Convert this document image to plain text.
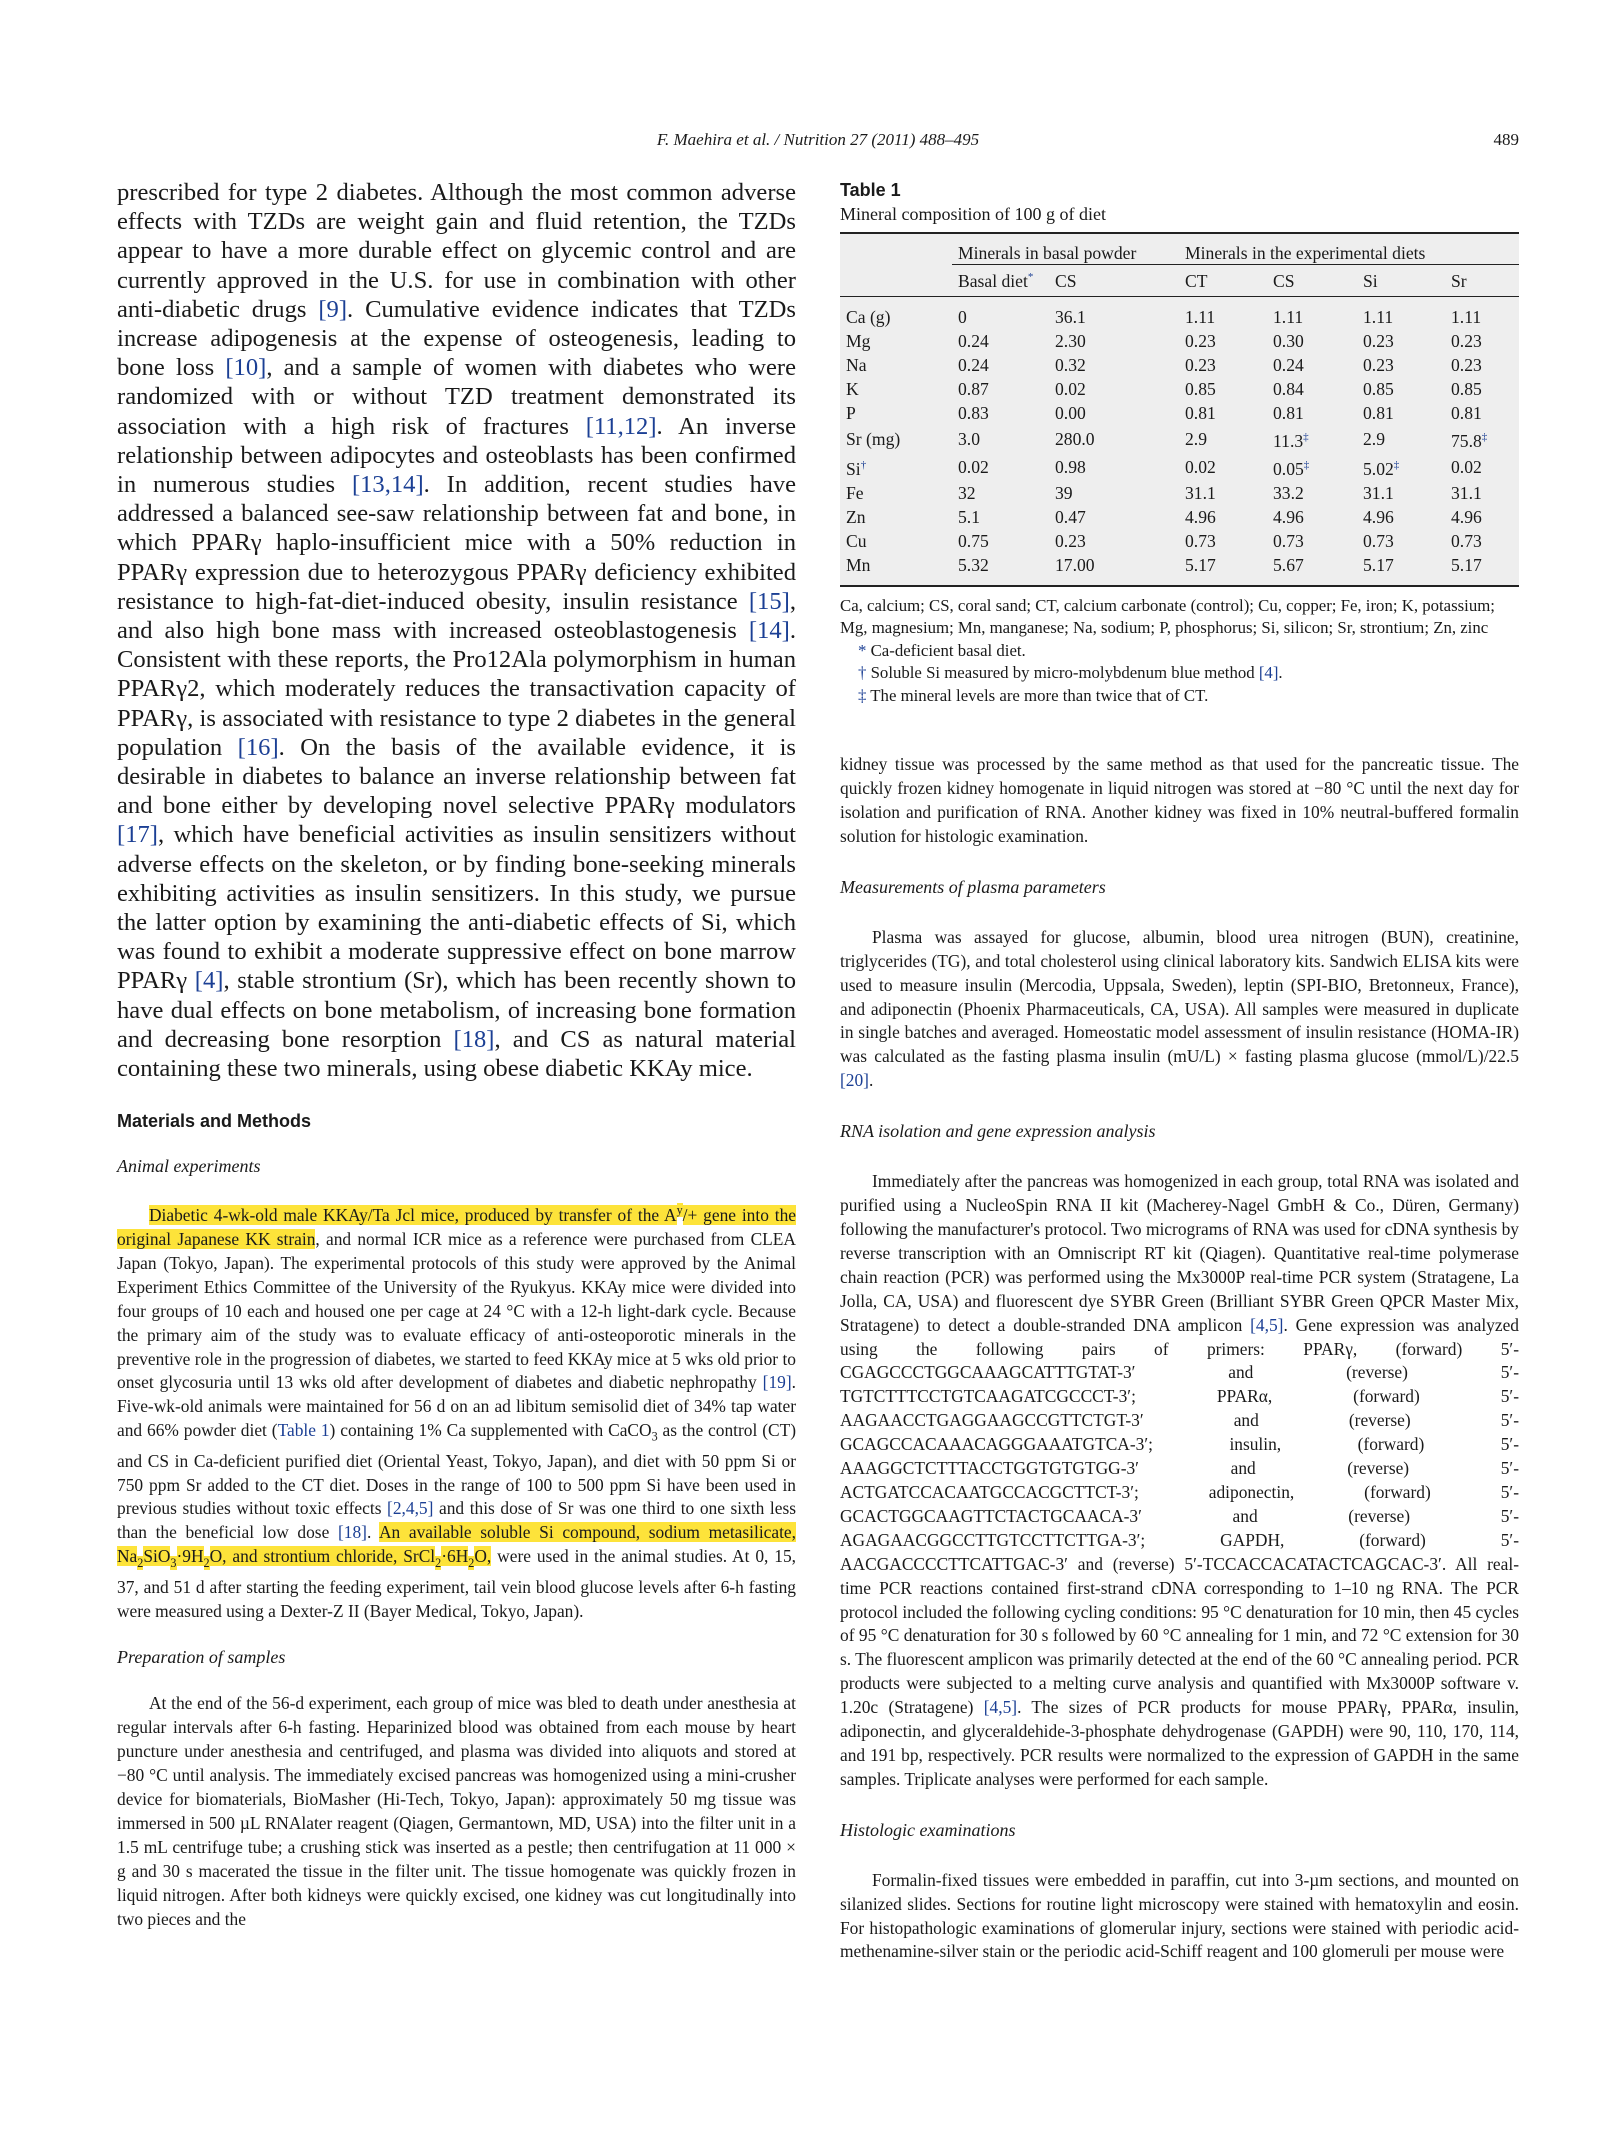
F. Maehira et al. / Nutrition 27 (2011) 488–495	489

prescribed for type 2 diabetes. Although the most common adverse effects with TZDs are weight gain and fluid retention, the TZDs appear to have a more durable effect on glycemic control and are currently approved in the U.S. for use in combination with other anti-diabetic drugs [9]. Cumulative evidence indicates that TZDs increase adipogenesis at the expense of osteogenesis, leading to bone loss [10], and a sample of women with diabetes who were randomized with or without TZD treatment demonstrated its association with a high risk of fractures [11,12]. An inverse relationship between adipocytes and osteoblasts has been confirmed in numerous studies [13,14]. In addition, recent studies have addressed a balanced see-saw relationship between fat and bone, in which PPARγ haplo-insufficient mice with a 50% reduction in PPARγ expression due to heterozygous PPARγ deficiency exhibited resistance to high-fat-diet-induced obesity, insulin resistance [15], and also high bone mass with increased osteoblastogenesis [14]. Consistent with these reports, the Pro12Ala polymorphism in human PPARγ2, which moderately reduces the transactivation capacity of PPARγ, is associated with resistance to type 2 diabetes in the general population [16]. On the basis of the available evidence, it is desirable in diabetes to balance an inverse relationship between fat and bone either by developing novel selective PPARγ modulators [17], which have beneficial activities as insulin sensitizers without adverse effects on the skeleton, or by finding bone-seeking minerals exhibiting activities as insulin sensitizers. In this study, we pursue the latter option by examining the anti-diabetic effects of Si, which was found to exhibit a moderate suppressive effect on bone marrow PPARγ [4], stable strontium (Sr), which has been recently shown to have dual effects on bone metabolism, of increasing bone formation and decreasing bone resorption [18], and CS as natural material containing these two minerals, using obese diabetic KKAy mice.

Materials and Methods
Animal experiments

Diabetic 4-wk-old male KKAy/Ta Jcl mice, produced by transfer of the $A^y/+$ gene into the original Japanese KK strain, and normal ICR mice as a reference were purchased from CLEA Japan (Tokyo, Japan). The experimental protocols of this study were approved by the Animal Experiment Ethics Committee of the University of the Ryukyus. KKAy mice were divided into four groups of 10 each and housed one per cage at 24 °C with a 12-h light-dark cycle. Because the primary aim of the study was to evaluate efficacy of anti-osteoporotic minerals in the preventive role in the progression of diabetes, we started to feed KKAy mice at 5 wks old prior to onset glycosuria until 13 wks old after development of diabetes and diabetic nephropathy [19]. Five-wk-old animals were maintained for 56 d on an ad libitum semisolid diet of 34% tap water and 66% powder diet (Table 1) containing 1% Ca supplemented with CaCO$_3$ as the control (CT) and CS in Ca-deficient purified diet (Oriental Yeast, Tokyo, Japan), and diet with 50 ppm Si or 750 ppm Sr added to the CT diet. Doses in the range of 100 to 500 ppm Si have been used in previous studies without toxic effects [2,4,5] and this dose of Sr was one third to one sixth less than the beneficial low dose [18]. An available soluble Si compound, sodium metasilicate, $Na_2SiO_3\cdot 9H_2O$, and strontium chloride, $SrCl_2\cdot 6H_2O$, were used in the animal studies. At 0, 15, 37, and 51 d after starting the feeding experiment, tail vein blood glucose levels after 6-h fasting were measured using a Dexter-Z II (Bayer Medical, Tokyo, Japan).

Preparation of samples

At the end of the 56-d experiment, each group of mice was bled to death under anesthesia at regular intervals after 6-h fasting. Heparinized blood was obtained from each mouse by heart puncture under anesthesia and centrifuged, and plasma was divided into aliquots and stored at −80 °C until analysis. The immediately excised pancreas was homogenized using a mini-crusher device for biomaterials, BioMasher (Hi-Tech, Tokyo, Japan): approximately 50 mg tissue was immersed in 500 µL RNAlater reagent (Qiagen, Germantown, MD, USA) into the filter unit in a 1.5 mL centrifuge tube; a crushing stick was inserted as a pestle; then centrifugation at 11 000 × g and 30 s macerated the tissue in the filter unit. The tissue homogenate was quickly frozen in liquid nitrogen. After both kidneys were quickly excised, one kidney was cut longitudinally into two pieces and the

Table 1
Mineral composition of 100 g of diet
	Minerals in basal powder		Minerals in the experimental diets			
	Basal diet*	CS	CT	CS	Si	Sr
Ca (g)	0	36.1	1.11	1.11	1.11	1.11
Mg	0.24	2.30	0.23	0.30	0.23	0.23
Na	0.24	0.32	0.23	0.24	0.23	0.23
K	0.87	0.02	0.85	0.84	0.85	0.85
P	0.83	0.00	0.81	0.81	0.81	0.81
Sr (mg)	3.0	280.0	2.9	11.3‡	2.9	75.8‡
Si†	0.02	0.98	0.02	0.05‡	5.02‡	0.02
Fe	32	39	31.1	33.2	31.1	31.1
Zn	5.1	0.47	4.96	4.96	4.96	4.96
Cu	0.75	0.23	0.73	0.73	0.73	0.73
Mn	5.32	17.00	5.17	5.67	5.17	5.17
Ca, calcium; CS, coral sand; CT, calcium carbonate (control); Cu, copper; Fe, iron; K, potassium; Mg, magnesium; Mn, manganese; Na, sodium; P, phosphorus; Si, silicon; Sr, strontium; Zn, zinc
* Ca-deficient basal diet.
† Soluble Si measured by micro-molybdenum blue method [4].
‡ The mineral levels are more than twice that of CT.

kidney tissue was processed by the same method as that used for the pancreatic tissue. The quickly frozen kidney homogenate in liquid nitrogen was stored at −80 °C until the next day for isolation and purification of RNA. Another kidney was fixed in 10% neutral-buffered formalin solution for histologic examination.

Measurements of plasma parameters

Plasma was assayed for glucose, albumin, blood urea nitrogen (BUN), creatinine, triglycerides (TG), and total cholesterol using clinical laboratory kits. Sandwich ELISA kits were used to measure insulin (Mercodia, Uppsala, Sweden), leptin (SPI-BIO, Bretonneux, France), and adiponectin (Phoenix Pharmaceuticals, CA, USA). All samples were measured in duplicate in single batches and averaged. Homeostatic model assessment of insulin resistance (HOMA-IR) was calculated as the fasting plasma insulin (mU/L) × fasting plasma glucose (mmol/L)/22.5 [20].

RNA isolation and gene expression analysis

Immediately after the pancreas was homogenized in each group, total RNA was isolated and purified using a NucleoSpin RNA II kit (Macherey-Nagel GmbH & Co., Düren, Germany) following the manufacturer's protocol. Two micrograms of RNA was used for cDNA synthesis by reverse transcription with an Omniscript RT kit (Qiagen). Quantitative real-time polymerase chain reaction (PCR) was performed using the Mx3000P real-time PCR system (Stratagene, La Jolla, CA, USA) and fluorescent dye SYBR Green (Brilliant SYBR Green QPCR Master Mix, Stratagene) to detect a double-stranded DNA amplicon [4,5]. Gene expression was analyzed using the following pairs of primers: PPARγ, (forward) 5′-CGAGCCCTGGCAAAGCATTTGTAT-3′ and (reverse) 5′-TGTCTTTCCTGTCAAGATCGCCCT-3′; PPARα, (forward) 5′-AAGAACCTGAGGAAGCCGTTCTGT-3′ and (reverse) 5′-GCAGCCACAAACAGGGAAATGTCA-3′; insulin, (forward) 5′-AAAGGCTCTTTACCTGGTGTGTGG-3′ and (reverse) 5′-ACTGATCCACAATGCCACGCTTCT-3′; adiponectin, (forward) 5′-GCACTGGCAAGTTCTACTGCAACA-3′ and (reverse) 5′-AGAGAACGGCCTTGTCCTTCTTGA-3′; GAPDH, (forward) 5′-AACGACCCCTTCATTGAC-3′ and (reverse) 5′-TCCACCACATACTCAGCAC-3′. All real-time PCR reactions contained first-strand cDNA corresponding to 1–10 ng RNA. The PCR protocol included the following cycling conditions: 95 °C denaturation for 10 min, then 45 cycles of 95 °C denaturation for 30 s followed by 60 °C annealing for 1 min, and 72 °C extension for 30 s. The fluorescent amplicon was primarily detected at the end of the 60 °C annealing period. PCR products were subjected to a melting curve analysis and quantified with Mx3000P software v. 1.20c (Stratagene) [4,5]. The sizes of PCR products for mouse PPARγ, PPARα, insulin, adiponectin, and glyceraldehide-3-phosphate dehydrogenase (GAPDH) were 90, 110, 170, 114, and 191 bp, respectively. PCR results were normalized to the expression of GAPDH in the same samples. Triplicate analyses were performed for each sample.

Histologic examinations

Formalin-fixed tissues were embedded in paraffin, cut into 3-µm sections, and mounted on silanized slides. Sections for routine light microscopy were stained with hematoxylin and eosin. For histopathologic examinations of glomerular injury, sections were stained with periodic acid-methenamine-silver stain or the periodic acid-Schiff reagent and 100 glomeruli per mouse were
